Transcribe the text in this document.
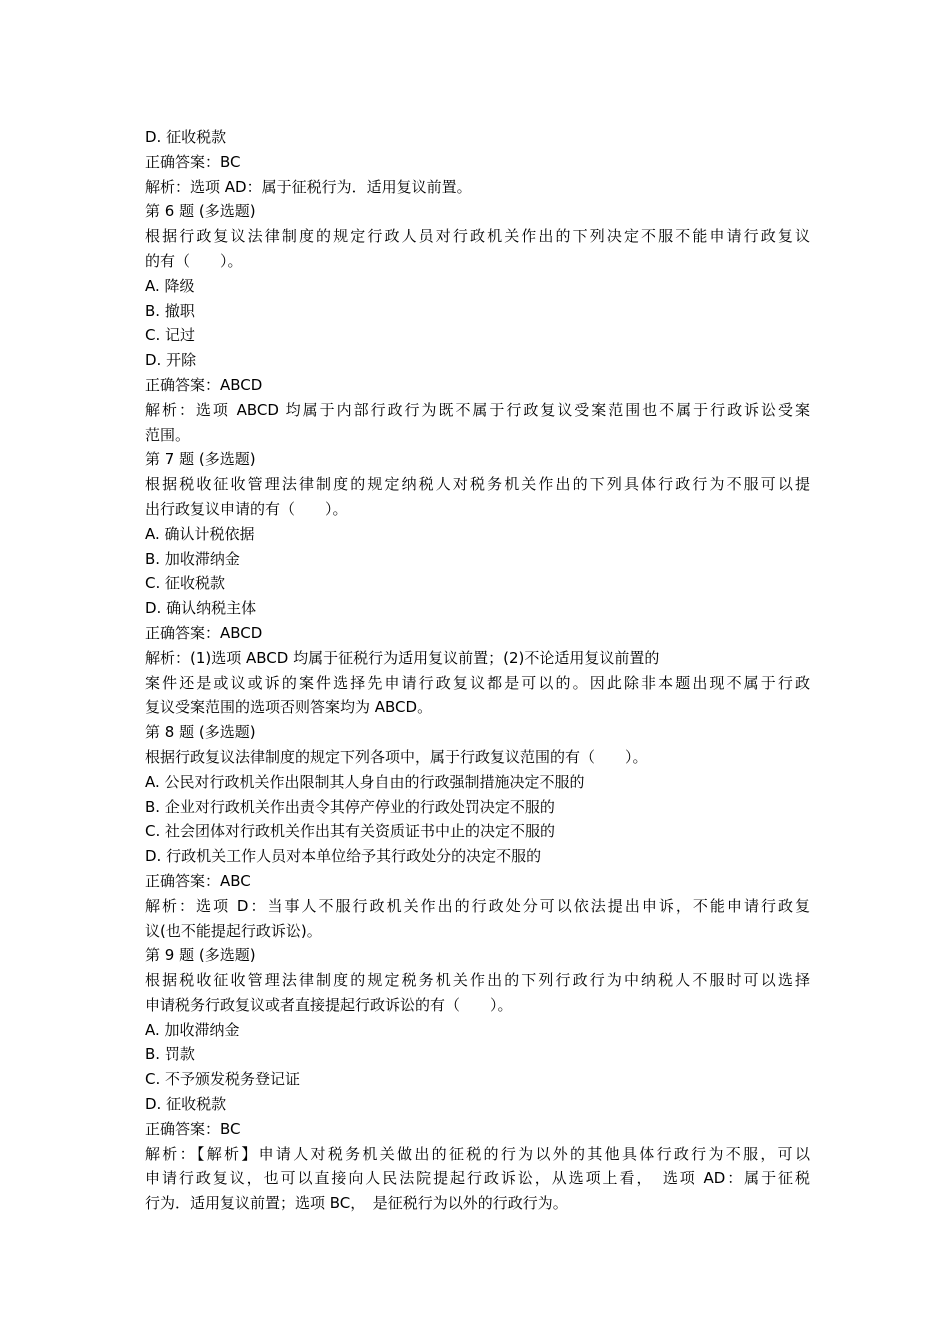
D. 征收税款
正确答案：BC
解析：选项 AD：属于征税行为．适用复议前置。
第 6 题 (多选题)
根据行政复议法律制度的规定行政人员对行政机关作出的下列决定不服不能申请行政复议
的有（　　）。
A. 降级
B. 撤职
C. 记过
D. 开除
正确答案：ABCD
解析：选项 ABCD 均属于内部行政行为既不属于行政复议受案范围也不属于行政诉讼受案
范围。
第 7 题 (多选题)
根据税收征收管理法律制度的规定纳税人对税务机关作出的下列具体行政行为不服可以提
出行政复议申请的有（　　）。
A. 确认计税依据
B. 加收滞纳金
C. 征收税款
D. 确认纳税主体
正确答案：ABCD
解析：(1)选项 ABCD 均属于征税行为适用复议前置；(2)不论适用复议前置的
案件还是或议或诉的案件选择先申请行政复议都是可以的。因此除非本题出现不属于行政
复议受案范围的选项否则答案均为 ABCD。
第 8 题 (多选题)
根据行政复议法律制度的规定下列各项中，属于行政复议范围的有（　　）。
A. 公民对行政机关作出限制其人身自由的行政强制措施决定不服的
B. 企业对行政机关作出责令其停产停业的行政处罚决定不服的
C. 社会团体对行政机关作出其有关资质证书中止的决定不服的
D. 行政机关工作人员对本单位给予其行政处分的决定不服的
正确答案：ABC
解析：选项 D：当事人不服行政机关作出的行政处分可以依法提出申诉，不能申请行政复
议(也不能提起行政诉讼)。
第 9 题 (多选题)
根据税收征收管理法律制度的规定税务机关作出的下列行政行为中纳税人不服时可以选择
申请税务行政复议或者直接提起行政诉讼的有（　　）。
A. 加收滞纳金
B. 罚款
C. 不予颁发税务登记证
D. 征收税款
正确答案：BC
解析：【解析】申请人对税务机关做出的征税的行为以外的其他具体行政行为不服，可以
申请行政复议，也可以直接向人民法院提起行政诉讼，从选项上看，　选项 AD：属于征税
行为．适用复议前置；选项 BC，　是征税行为以外的行政行为。
